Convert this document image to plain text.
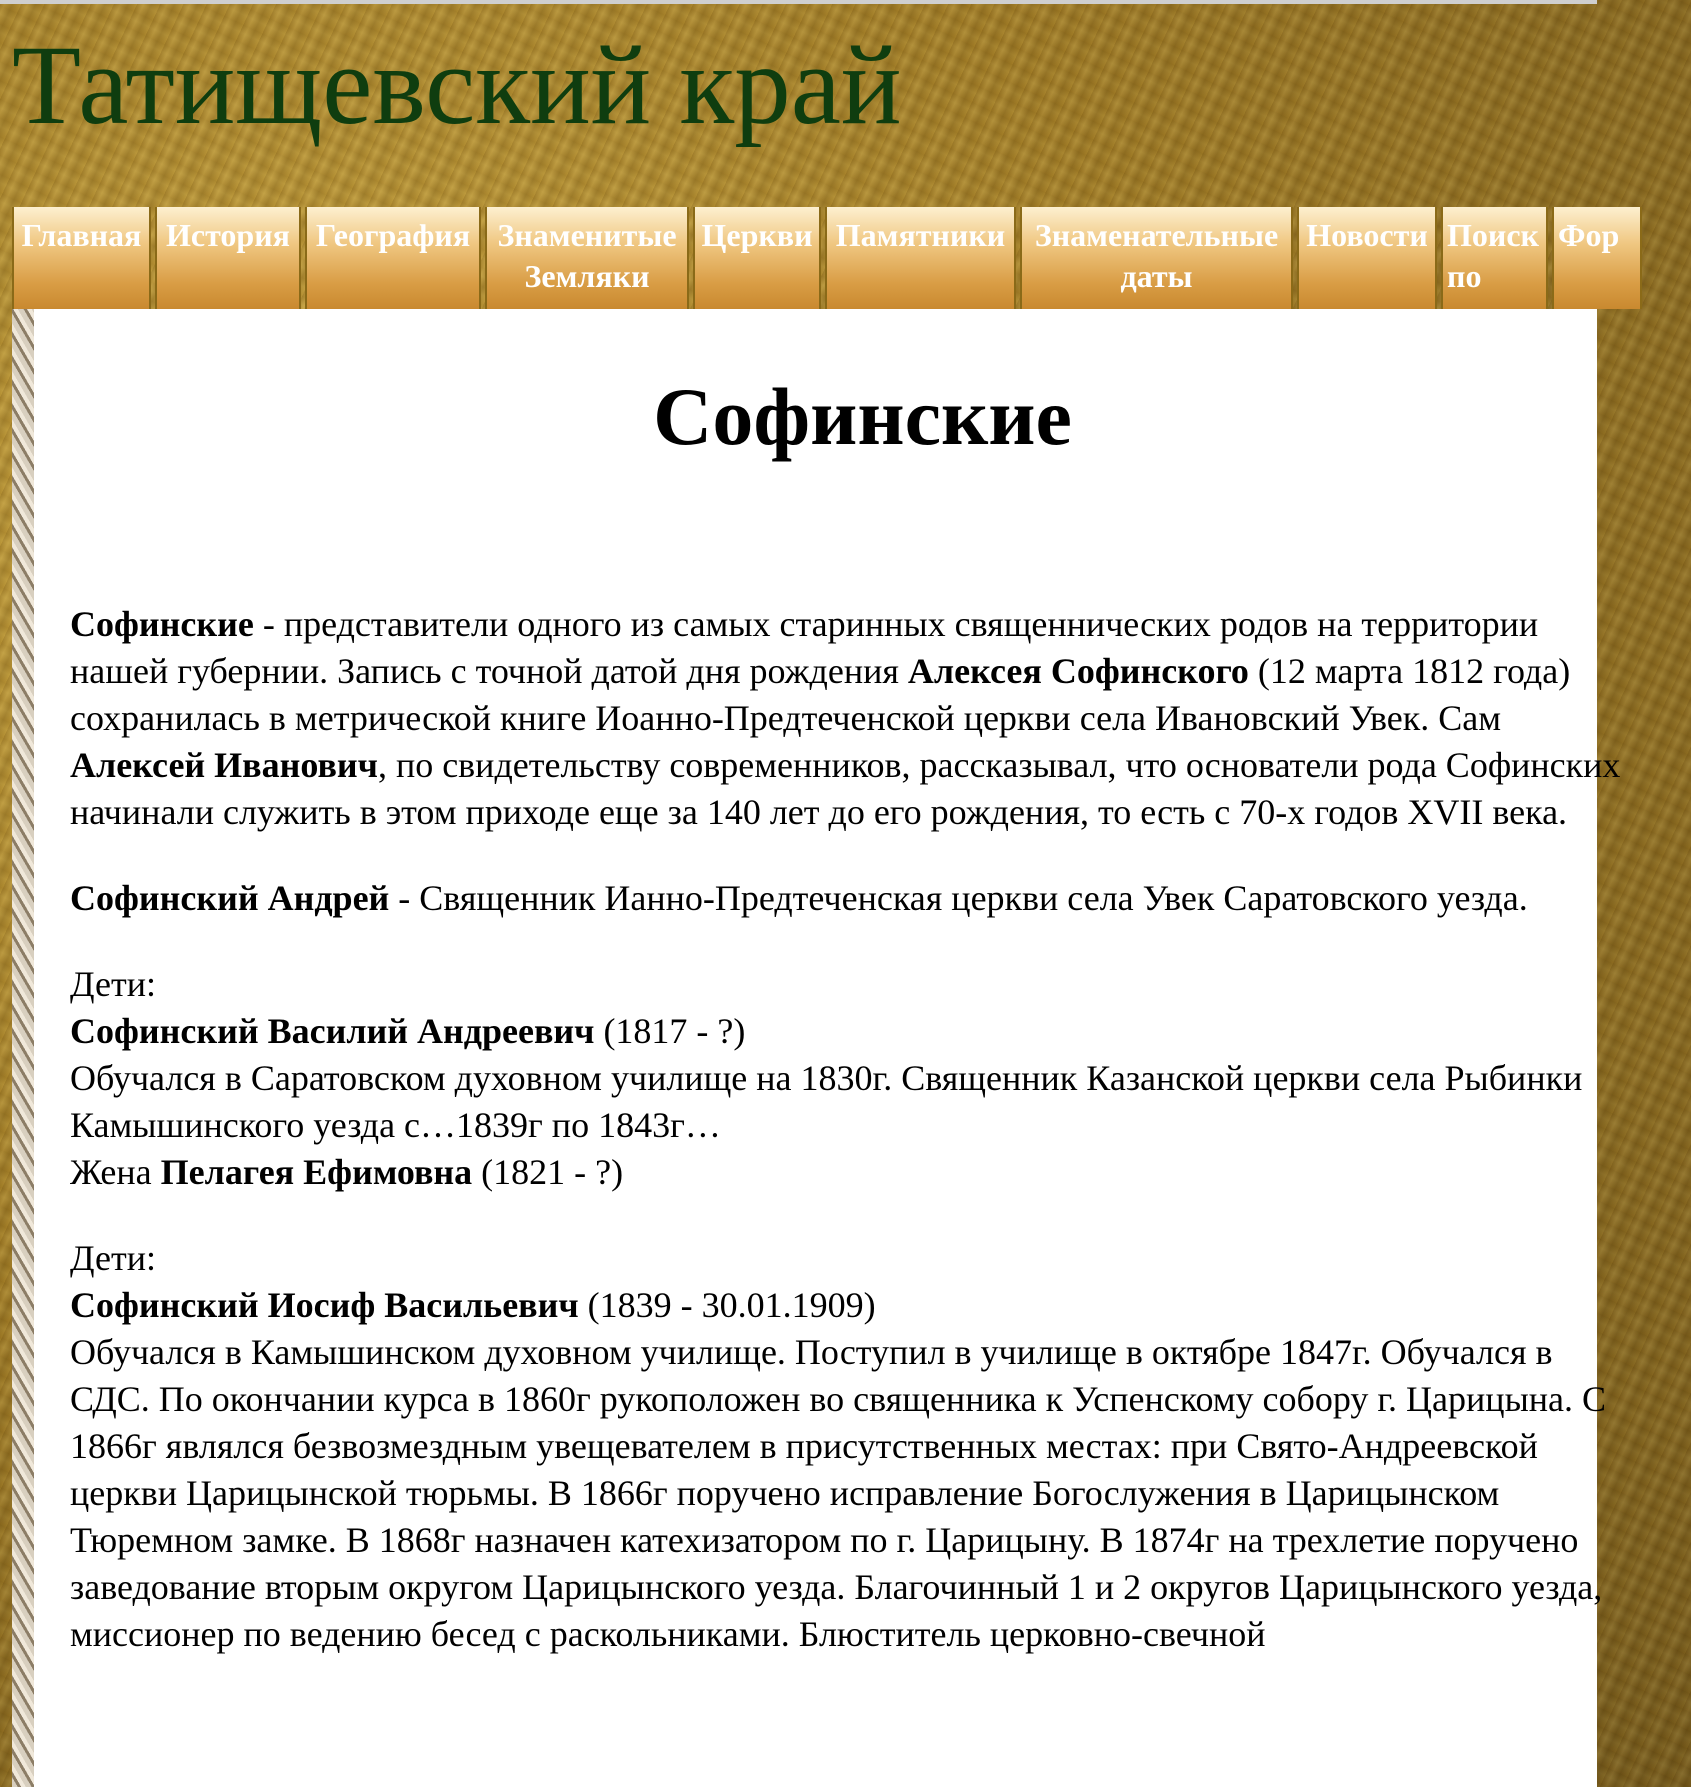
Татищевский край
Главная История География Знаменитые
Земляки
Церкви Памятники Знаменательные
даты
Новости Поиск
по
Фор
Софинские

Софинские - представители одного из самых старинных священнических родов на территории нашей губернии. Запись с точной датой дня рождения Алексея Софинского (12 марта 1812 года) сохранилась в метрической книге Иоанно-Предтеченской церкви села Ивановский Увек. Сам Алексей Иванович, по свидетельству современников, рассказывал, что основатели рода Софинских начинали служить в этом приходе еще за 140 лет до его рождения, то есть с 70-х годов XVII века.

Софинский Андрей - Священник Ианно-Предтеченская церкви села Увек Саратовского уезда.

Дети:
Софинский Василий Андреевич (1817 - ?)
Обучался в Саратовском духовном училище на 1830г. Священник Казанской церкви села Рыбинки Камышинского уезда с…1839г по 1843г…
Жена Пелагея Ефимовна (1821 - ?)

Дети:
Софинский Иосиф Васильевич (1839 - 30.01.1909)
Обучался в Камышинском духовном училище. Поступил в училище в октябре 1847г. Обучался в СДС. По окончании курса в 1860г рукоположен во священника к Успенскому собору г. Царицына. С 1866г являлся безвозмездным увещевателем в присутственных местах: при Свято-Андреевской церкви Царицынской тюрьмы. В 1866г поручено исправление Богослужения в Царицынском Тюремном замке. В 1868г назначен катехизатором по г. Царицыну. В 1874г на трехлетие поручено заведование вторым округом Царицынского уезда. Благочинный 1 и 2 округов Царицынского уезда, миссионер по ведению бесед с раскольниками. Блюститель церковно-свечной
